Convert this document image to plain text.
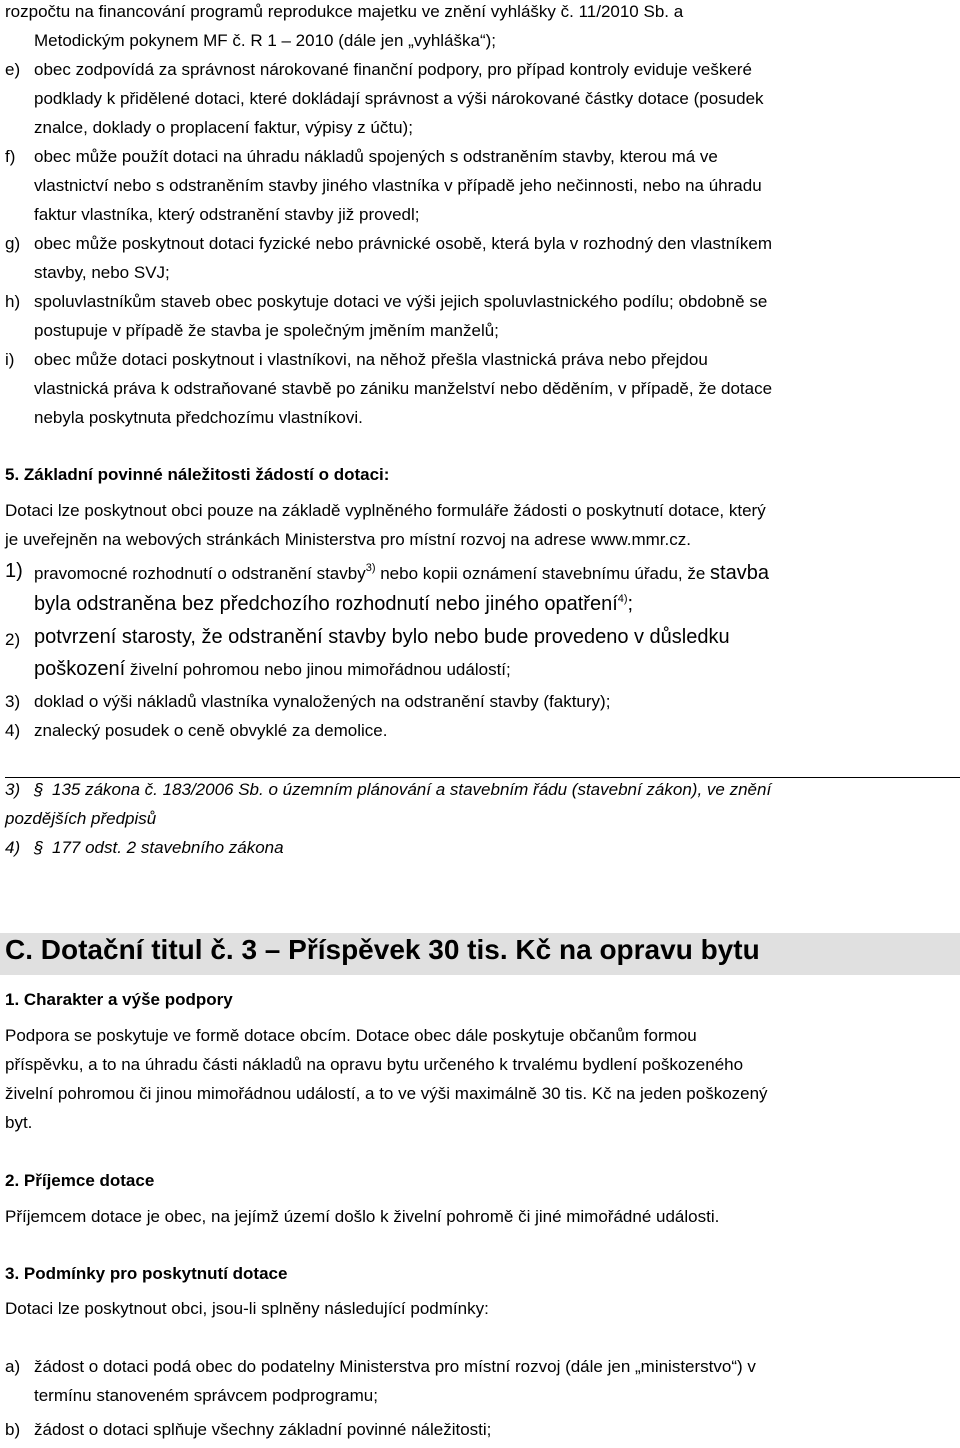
rozpočtu na financování programů reprodukce majetku ve znění vyhlášky č. 11/2010 Sb. a
Metodickým pokynem MF č. R 1 – 2010 (dále jen „vyhláška“);
e) obec zodpovídá za správnost nárokované finanční podpory, pro případ kontroly eviduje veškeré
podklady k přidělené dotaci, které dokládají správnost a výši nárokované částky dotace (posudek
znalce, doklady o proplacení faktur, výpisy z účtu);
f) obec může použít dotaci na úhradu nákladů spojených s odstraněním stavby, kterou má ve
vlastnictví nebo s odstraněním stavby jiného vlastníka v případě jeho nečinnosti, nebo na úhradu
faktur vlastníka, který odstranění stavby již provedl;
g) obec může poskytnout dotaci fyzické nebo právnické osobě, která byla v rozhodný den vlastníkem
stavby, nebo SVJ;
h) spoluvlastníkům staveb obec poskytuje dotaci ve výši jejich spoluvlastnického podílu; obdobně se
postupuje v případě že stavba je společným jměním manželů;
i) obec může dotaci poskytnout i vlastníkovi, na něhož přešla vlastnická práva nebo přejdou
vlastnická práva k odstraňované stavbě po zániku manželství nebo děděním, v případě, že dotace
nebyla poskytnuta předchozímu vlastníkovi.
5. Základní povinné náležitosti žádostí o dotaci:
Dotaci lze poskytnout obci pouze na základě vyplněného formuláře žádosti o poskytnutí dotace, který
je uveřejněn na webových stránkách Ministerstva pro místní rozvoj na adrese www.mmr.cz.
1) pravomocné rozhodnutí o odstranění stavby$^{3)}$ nebo kopii oznámení stavebnímu úřadu, že stavba
byla odstraněna bez předchozího rozhodnutí nebo jiného opatření$^{4)}$;
2) potvrzení starosty, že odstranění stavby bylo nebo bude provedeno v důsledku
poškození živelní pohromou nebo jinou mimořádnou událostí;
3) doklad o výši nákladů vlastníka vynaložených na odstranění stavby (faktury);
4) znalecký posudek o ceně obvyklé za demolice.
3) § 135 zákona č. 183/2006 Sb. o územním plánování a stavebním řádu (stavební zákon), ve znění
pozdějších předpisů
4) § 177 odst. 2 stavebního zákona
C. Dotační titul č. 3 – Příspěvek 30 tis. Kč na opravu bytu
1. Charakter a výše podpory
Podpora se poskytuje ve formě dotace obcím. Dotace obec dále poskytuje občanům formou
příspěvku, a to na úhradu části nákladů na opravu bytu určeného k trvalému bydlení poškozeného
živelní pohromou či jinou mimořádnou událostí, a to ve výši maximálně 30 tis. Kč na jeden poškozený
byt.
2. Příjemce dotace
Příjemcem dotace je obec, na jejímž území došlo k živelní pohromě či jiné mimořádné události.
3. Podmínky pro poskytnutí dotace
Dotaci lze poskytnout obci, jsou-li splněny následující podmínky:
a) žádost o dotaci podá obec do podatelny Ministerstva pro místní rozvoj (dále jen „ministerstvo“) v
termínu stanoveném správcem podprogramu;
b) žádost o dotaci splňuje všechny základní povinné náležitosti;
